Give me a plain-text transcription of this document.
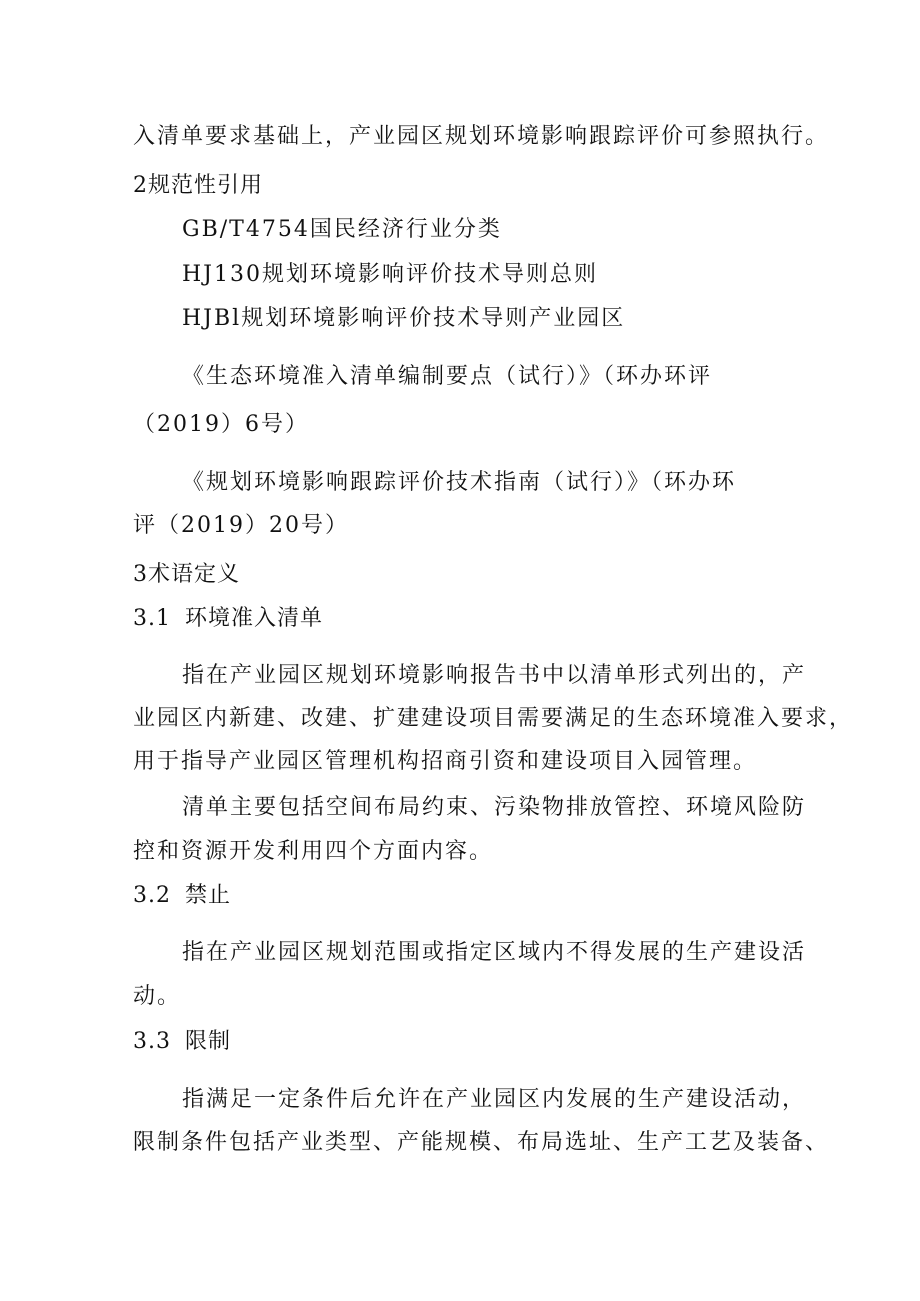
入清单要求基础上，产业园区规划环境影响跟踪评价可参照执行。
2规范性引用
GB/T4754国民经济行业分类
HJ130规划环境影响评价技术导则总则
HJBl规划环境影响评价技术导则产业园区
《生态环境准入清单编制要点（试行）》（环办环评
（2019）6号）
《规划环境影响跟踪评价技术指南（试行）》（环办环
评（2019）20号）
3术语定义
3.1 环境准入清单
指在产业园区规划环境影响报告书中以清单形式列出的，产
业园区内新建、改建、扩建建设项目需要满足的生态环境准入要求，
用于指导产业园区管理机构招商引资和建设项目入园管理。
清单主要包括空间布局约束、污染物排放管控、环境风险防
控和资源开发利用四个方面内容。
3.2 禁止
指在产业园区规划范围或指定区域内不得发展的生产建设活
动。
3.3 限制
指满足一定条件后允许在产业园区内发展的生产建设活动，
限制条件包括产业类型、产能规模、布局选址、生产工艺及装备、
